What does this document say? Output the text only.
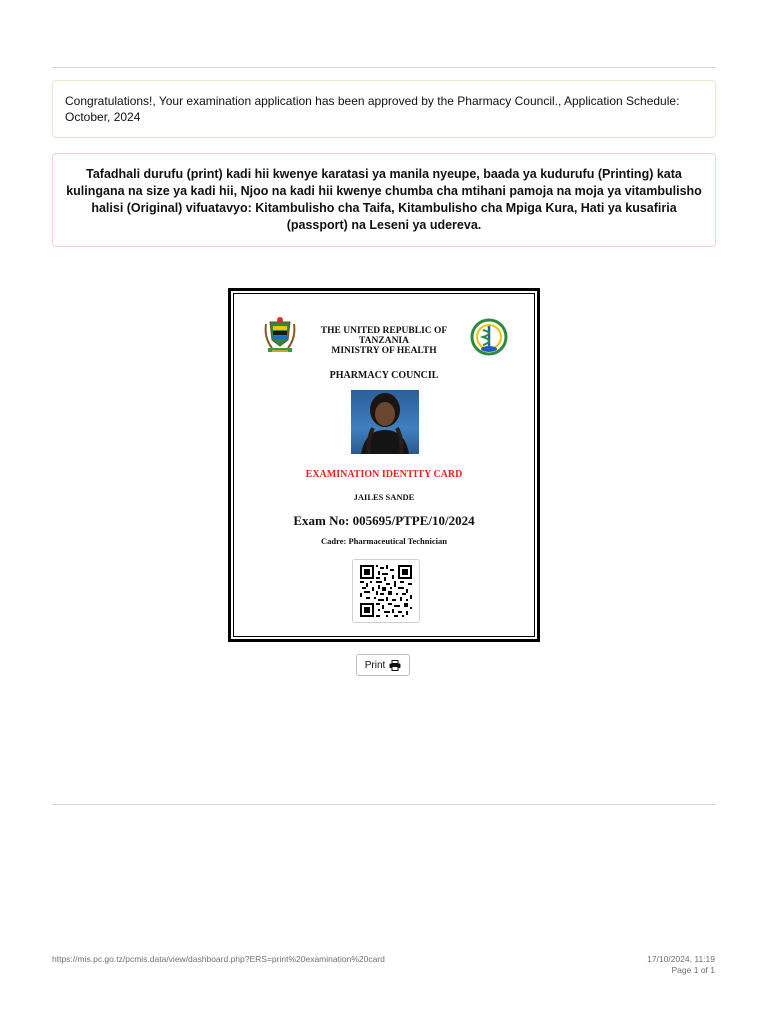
Congratulations!, Your examination application has been approved by the Pharmacy Council., Application Schedule: October, 2024
Tafadhali durufu (print) kadi hii kwenye karatasi ya manila nyeupe, baada ya kudurufu (Printing) kata kulingana na size ya kadi hii, Njoo na kadi hii kwenye chumba cha mtihani pamoja na moja ya vitambulisho halisi (Original) vifuatavyo: Kitambulisho cha Taifa, Kitambulisho cha Mpiga Kura, Hati ya kusafiria (passport) na Leseni ya udereva.
THE UNITED REPUBLIC OF
TANZANIA
MINISTRY OF HEALTH
PHARMACY COUNCIL
EXAMINATION IDENTITY CARD
JAILES SANDE
Exam No: 005695/PTPE/10/2024
Cadre: Pharmaceutical Technician
Print
https://mis.pc.go.tz/pcmis.data/view/dashboard.php?ERS=print%20examination%20card	17/10/2024, 11:19
Page 1 of 1
